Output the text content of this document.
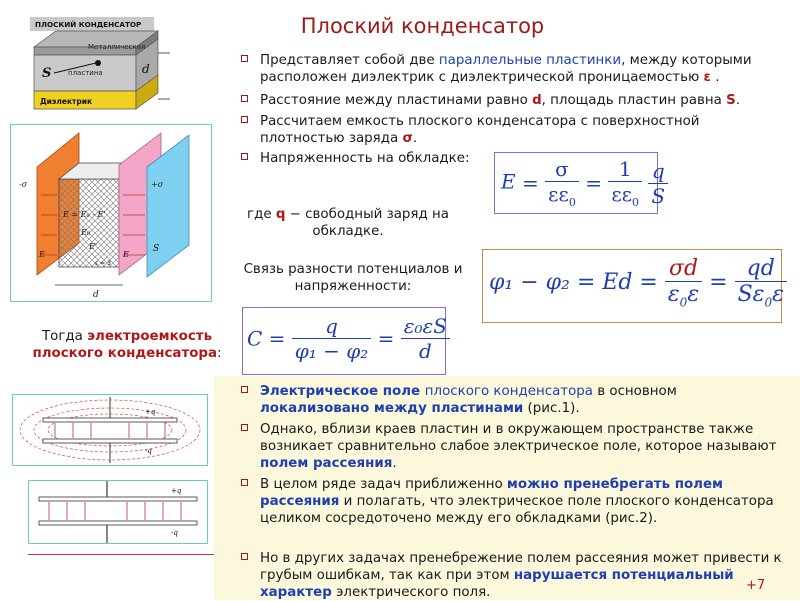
Плоский конденсатор
ПЛОСКИЙ КОНДЕНСАТОР
Металлическая
пластина
S	d
Диэлектрик
Представляет собой две параллельные пластинки, между которыми расположен диэлектрик с диэлектрической проницаемостью ε .
Расстояние между пластинами равно d, площадь пластин равна S.
Рассчитаем емкость плоского конденсатора с поверхностной плотностью заряда σ.
Напряженность на обкладке:
-σ	+σ
E = E₀ - E'
E₀
E'
E	E
S
d
ε = 3
$E = \frac{\sigma}{\varepsilon\varepsilon_0} = \frac{1}{\varepsilon\varepsilon_0}$
$\frac{q}{S}$
где q − свободный заряд на обкладке.
Связь разности потенциалов и напряженности:	$\varphi_1 - \varphi_2 = Ed = \frac{\sigma d}{\varepsilon_0\varepsilon} = \frac{qd}{S\varepsilon_0\varepsilon}$
Тогда электроемкость
плоского конденсатора:
$C = \frac{q}{\text{φ₁ − φ₂}} = \frac{\text{ε₀εS}}{d}$
+q
-q
+q
-q
Электрическое поле плоского конденсатора в основном локализовано между пластинами (рис.1).
Однако, вблизи краев пластин и в окружающем пространстве также возникает сравнительно слабое электрическое поле, которое называют полем рассеяния.
В целом ряде задач приближенно можно пренебрегать полем рассеяния и полагать, что электрическое поле плоского конденсатора целиком сосредоточено между его обкладками (рис.2).
Но в других задачах пренебрежение полем рассеяния может привести к грубым ошибкам, так как при этом нарушается потенциальный характер электрического поля.	+7
